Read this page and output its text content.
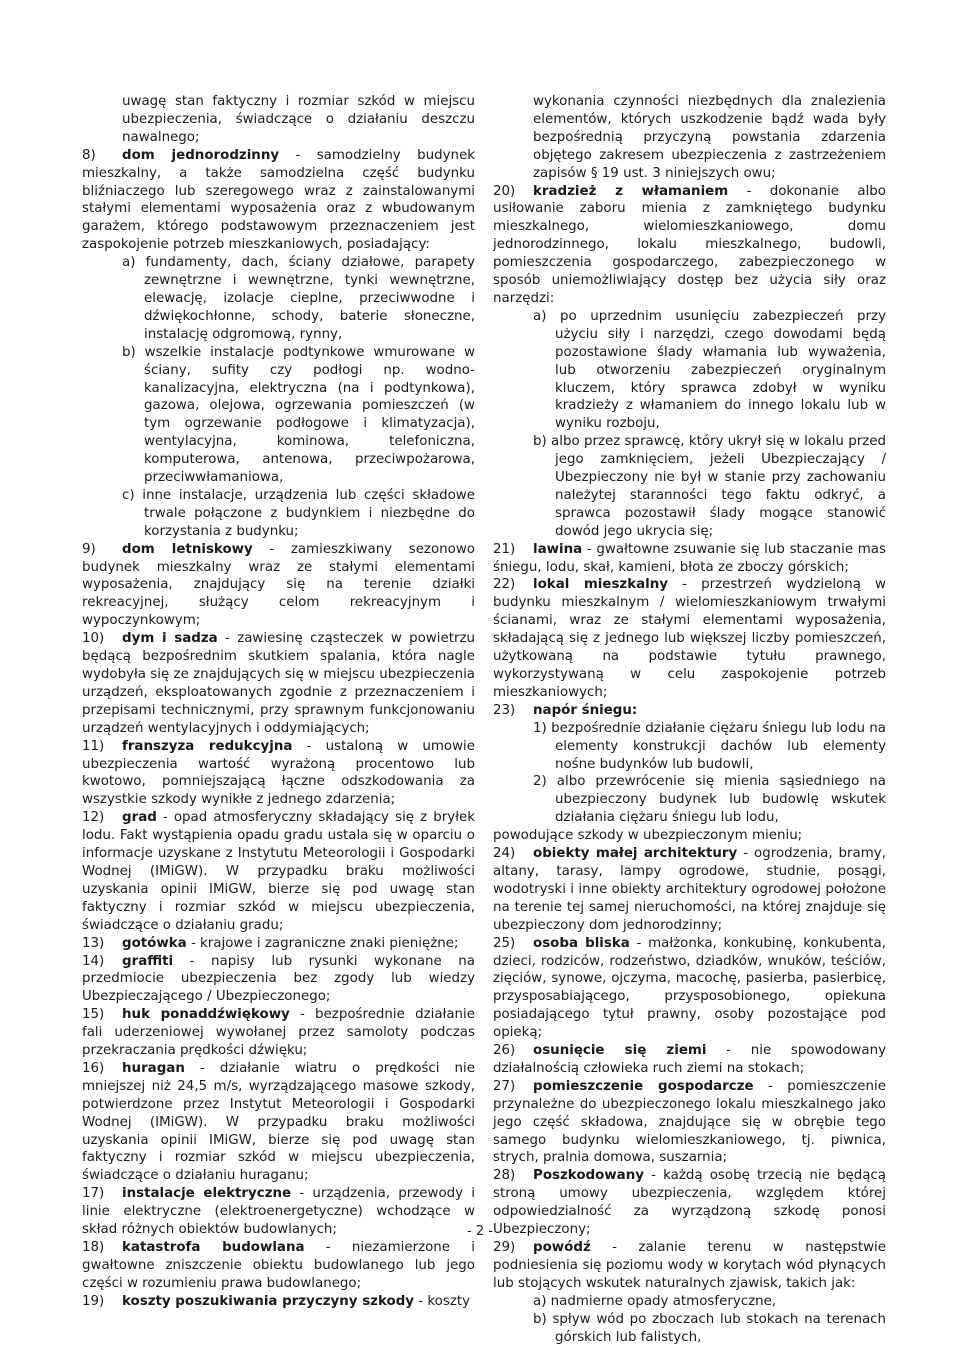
uwagę stan faktyczny i rozmiar szkód w miejscu ubezpieczenia, świadczące o działaniu deszczu nawalnego;
8) dom jednorodzinny - samodzielny budynek mieszkalny, a także samodzielna część budynku bliźniaczego lub szeregowego wraz z zainstalowanymi stałymi elementami wyposażenia oraz z wbudowanym garażem, którego podstawowym przeznaczeniem jest zaspokojenie potrzeb mieszkaniowych, posiadający:
a) fundamenty, dach, ściany działowe, parapety zewnętrzne i wewnętrzne, tynki wewnętrzne, elewację, izolacje cieplne, przeciwwodne i dźwiękochłonne, schody, baterie słoneczne, instalację odgromową, rynny,
b) wszelkie instalacje podtynkowe wmurowane w ściany, sufity czy podłogi np. wodno-kanalizacyjna, elektryczna (na i podtynkowa), gazowa, olejowa, ogrzewania pomieszczeń (w tym ogrzewanie podłogowe i klimatyzacja), wentylacyjna, kominowa, telefoniczna, komputerowa, antenowa, przeciwpożarowa, przeciwwłamaniowa,
c) inne instalacje, urządzenia lub części składowe trwale połączone z budynkiem i niezbędne do korzystania z budynku;
9) dom letniskowy - zamieszkiwany sezonowo budynek mieszkalny wraz ze stałymi elementami wyposażenia, znajdujący się na terenie działki rekreacyjnej, służący celom rekreacyjnym i wypoczynkowym;
10) dym i sadza - zawiesinę cząsteczek w powietrzu będącą bezpośrednim skutkiem spalania, która nagle wydobyła się ze znajdujących się w miejscu ubezpieczenia urządzeń, eksploatowanych zgodnie z przeznaczeniem i przepisami technicznymi, przy sprawnym funkcjonowaniu urządzeń wentylacyjnych i oddymiających;
11) franszyza redukcyjna - ustaloną w umowie ubezpieczenia wartość wyrażoną procentowo lub kwotowo, pomniejszającą łączne odszkodowania za wszystkie szkody wynikłe z jednego zdarzenia;
12) grad - opad atmosferyczny składający się z bryłek lodu. Fakt wystąpienia opadu gradu ustala się w oparciu o informacje uzyskane z Instytutu Meteorologii i Gospodarki Wodnej (IMiGW). W przypadku braku możliwości uzyskania opinii IMiGW, bierze się pod uwagę stan faktyczny i rozmiar szkód w miejscu ubezpieczenia, świadczące o działaniu gradu;
13) gotówka - krajowe i zagraniczne znaki pieniężne;
14) graffiti - napisy lub rysunki wykonane na przedmiocie ubezpieczenia bez zgody lub wiedzy Ubezpieczającego / Ubezpieczonego;
15) huk ponaddźwiękowy - bezpośrednie działanie fali uderzeniowej wywołanej przez samoloty podczas przekraczania prędkości dźwięku;
16) huragan - działanie wiatru o prędkości nie mniejszej niż 24,5 m/s, wyrządzającego masowe szkody, potwierdzone przez Instytut Meteorologii i Gospodarki Wodnej (IMiGW). W przypadku braku możliwości uzyskania opinii IMiGW, bierze się pod uwagę stan faktyczny i rozmiar szkód w miejscu ubezpieczenia, świadczące o działaniu huraganu;
17) instalacje elektryczne - urządzenia, przewody i linie elektryczne (elektroenergetyczne) wchodzące w skład różnych obiektów budowlanych;
18) katastrofa budowlana - niezamierzone i gwałtowne zniszczenie obiektu budowlanego lub jego części w rozumieniu prawa budowlanego;
19) koszty poszukiwania przyczyny szkody - koszty
wykonania czynności niezbędnych dla znalezienia elementów, których uszkodzenie bądź wada były bezpośrednią przyczyną powstania zdarzenia objętego zakresem ubezpieczenia z zastrzeżeniem zapisów § 19 ust. 3 niniejszych owu;
20) kradzież z włamaniem - dokonanie albo usiłowanie zaboru mienia z zamkniętego budynku mieszkalnego, wielomieszkaniowego, domu jednorodzinnego, lokalu mieszkalnego, budowli, pomieszczenia gospodarczego, zabezpieczonego w sposób uniemożliwiający dostęp bez użycia siły oraz narzędzi:
a) po uprzednim usunięciu zabezpieczeń przy użyciu siły i narzędzi, czego dowodami będą pozostawione ślady włamania lub wyważenia, lub otworzeniu zabezpieczeń oryginalnym kluczem, który sprawca zdobył w wyniku kradzieży z włamaniem do innego lokalu lub w wyniku rozboju,
b) albo przez sprawcę, który ukrył się w lokalu przed jego zamknięciem, jeżeli Ubezpieczający / Ubezpieczony nie był w stanie przy zachowaniu należytej staranności tego faktu odkryć, a sprawca pozostawił ślady mogące stanowić dowód jego ukrycia się;
21) lawina - gwałtowne zsuwanie się lub staczanie mas śniegu, lodu, skał, kamieni, błota ze zboczy górskich;
22) lokal mieszkalny - przestrzeń wydzieloną w budynku mieszkalnym / wielomieszkaniowym trwałymi ścianami, wraz ze stałymi elementami wyposażenia, składającą się z jednego lub większej liczby pomieszczeń, użytkowaną na podstawie tytułu prawnego, wykorzystywaną w celu zaspokojenie potrzeb mieszkaniowych;
23) napór śniegu:
1) bezpośrednie działanie ciężaru śniegu lub lodu na elementy konstrukcji dachów lub elementy nośne budynków lub budowli,
2) albo przewrócenie się mienia sąsiedniego na ubezpieczony budynek lub budowlę wskutek działania ciężaru śniegu lub lodu,
powodujące szkody w ubezpieczonym mieniu;
24) obiekty małej architektury - ogrodzenia, bramy, altany, tarasy, lampy ogrodowe, studnie, posągi, wodotryski i inne obiekty architektury ogrodowej położone na terenie tej samej nieruchomości, na której znajduje się ubezpieczony dom jednorodzinny;
25) osoba bliska - małżonka, konkubinę, konkubenta, dzieci, rodziców, rodzeństwo, dziadków, wnuków, teściów, zięciów, synowe, ojczyma, macochę, pasierba, pasierbicę, przysposabiającego, przysposobionego, opiekuna posiadającego tytuł prawny, osoby pozostające pod opieką;
26) osunięcie się ziemi - nie spowodowany działalnością człowieka ruch ziemi na stokach;
27) pomieszczenie gospodarcze - pomieszczenie przynależne do ubezpieczonego lokalu mieszkalnego jako jego część składowa, znajdujące się w obrębie tego samego budynku wielomieszkaniowego, tj. piwnica, strych, pralnia domowa, suszarnia;
28) Poszkodowany - każdą osobę trzecią nie będącą stroną umowy ubezpieczenia, względem której odpowiedzialność za wyrządzoną szkodę ponosi Ubezpieczony;
29) powódź - zalanie terenu w następstwie podniesienia się poziomu wody w korytach wód płynących lub stojących wskutek naturalnych zjawisk, takich jak:
a) nadmierne opady atmosferyczne,
b) spływ wód po zboczach lub stokach na terenach górskich lub falistych,
- 2 -
